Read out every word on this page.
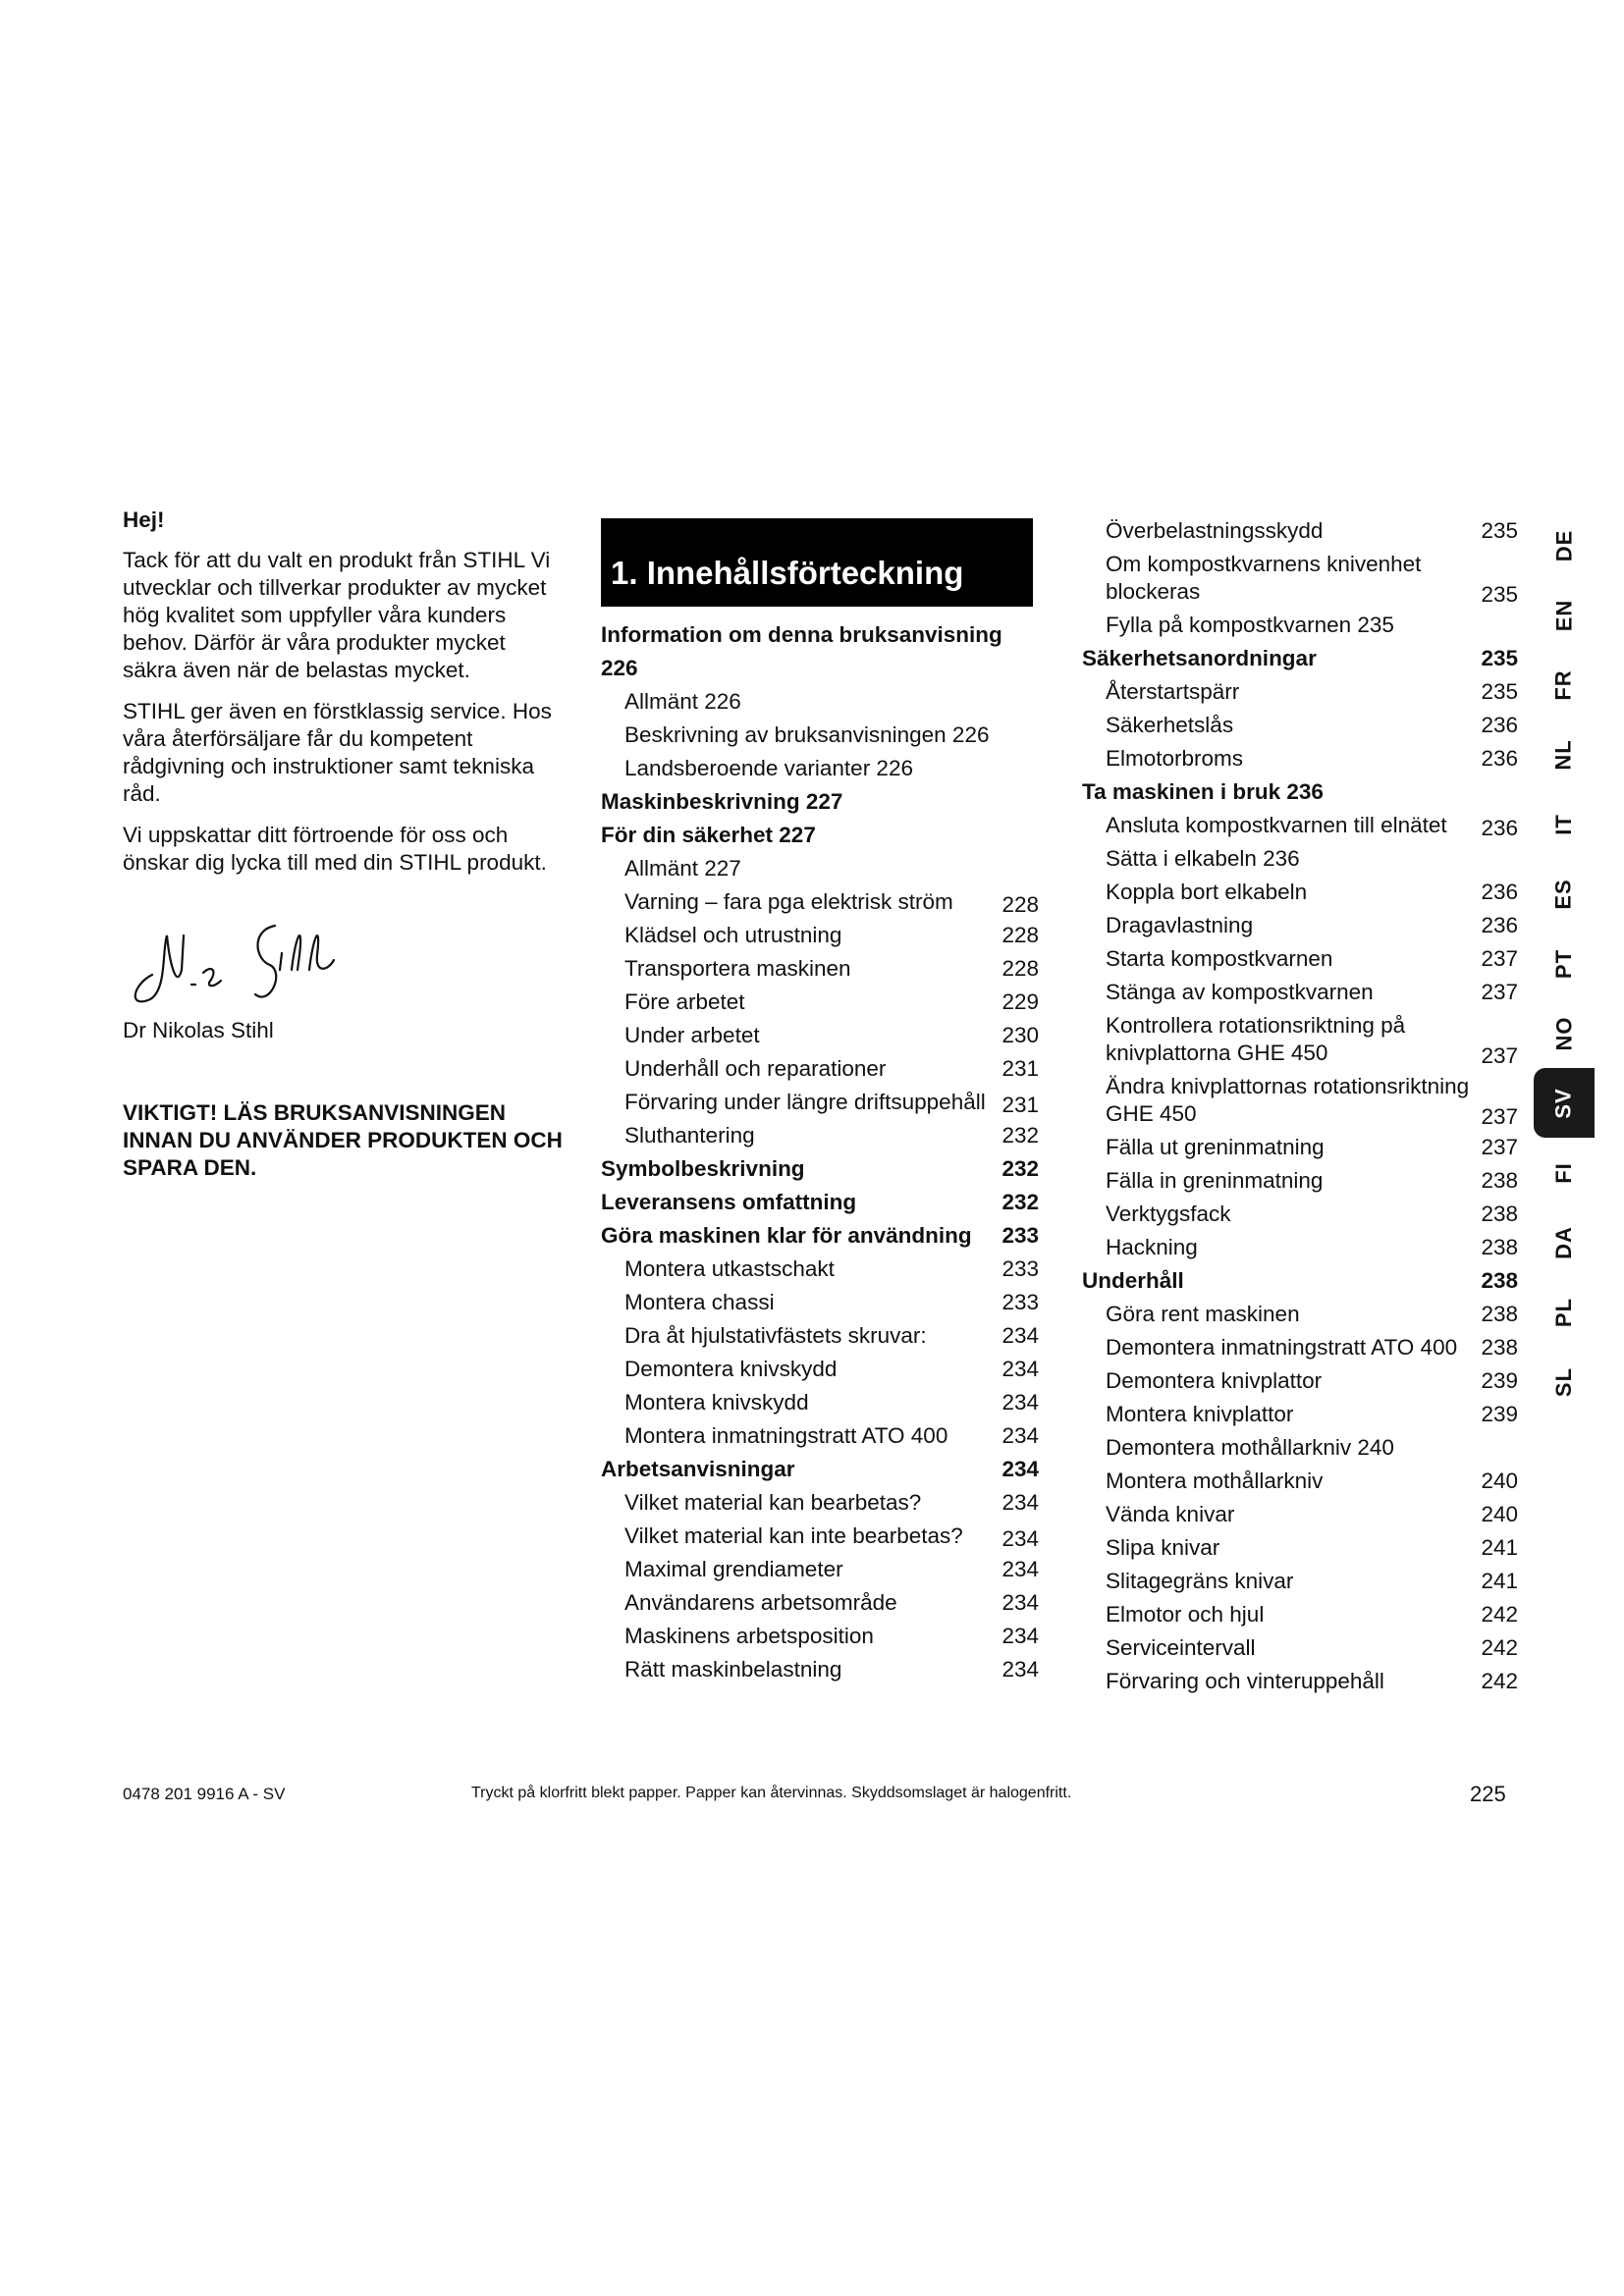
Hej!

Tack för att du valt en produkt från STIHL Vi utvecklar och tillverkar produkter av mycket hög kvalitet som uppfyller våra kunders behov. Därför är våra produkter mycket säkra även när de belastas mycket.

STIHL ger även en förstklassig service. Hos våra återförsäljare får du kompetent rådgivning och instruktioner samt tekniska råd.

Vi uppskattar ditt förtroende för oss och önskar dig lycka till med din STIHL produkt.

Dr Nikolas Stihl
VIKTIGT! LÄS BRUKSANVISNINGEN INNAN DU ANVÄNDER PRODUKTEN OCH SPARA DEN.
1. Innehållsförteckning
Information om denna bruksanvisning 226
Allmänt 226
Beskrivning av bruksanvisningen 226
Landsberoende varianter 226
Maskinbeskrivning 227
För din säkerhet 227
Allmänt 227
Varning – fara pga elektrisk ström 228
Klädsel och utrustning	228
Transportera maskinen	228
Före arbetet	229
Under arbetet	230
Underhåll och reparationer	231
Förvaring under längre driftsuppehåll 231
Sluthantering	232
Symbolbeskrivning	232
Leveransens omfattning	232
Göra maskinen klar för användning 233
Montera utkastschakt	233
Montera chassi	233
Dra åt hjulstativfästets skruvar:	234
Demontera knivskydd	234
Montera knivskydd	234
Montera inmatningstratt ATO 400 234
Arbetsanvisningar	234
Vilket material kan bearbetas?	234
Vilket material kan inte bearbetas? 234
Maximal grendiameter	234
Användarens arbetsområde	234
Maskinens arbetsposition	234
Rätt maskinbelastning	234
Överbelastningsskydd	235
Om kompostkvarnens knivenhet blockeras	235
Fylla på kompostkvarnen 235
Säkerhetsanordningar	235
Återstartspärr	235
Säkerhetslås	236
Elmotorbroms	236
Ta maskinen i bruk 236
Ansluta kompostkvarnen till elnätet 236
Sätta i elkabeln 236
Koppla bort elkabeln	236
Dragavlastning	236
Starta kompostkvarnen	237
Stänga av kompostkvarnen	237
Kontrollera rotationsriktning på knivplattorna GHE 450	237
Ändra knivplattornas rotationsriktning GHE 450	237
Fälla ut greninmatning	237
Fälla in greninmatning	238
Verktygsfack	238
Hackning	238
Underhåll	238
Göra rent maskinen	238
Demontera inmatningstratt ATO 400 238
Demontera knivplattor	239
Montera knivplattor	239
Demontera mothållarkniv 240
Montera mothållarkniv	240
Vända knivar	240
Slipa knivar	241
Slitagegräns knivar	241
Elmotor och hjul	242
Serviceintervall	242
Förvaring och vinteruppehåll	242
DE
EN
FR
NL
IT
ES
PT
NO
SV
FI
DA
PL
SL
0478 201 9916 A - SV	Tryckt på klorfritt blekt papper. Papper kan återvinnas. Skyddsomslaget är halogenfritt.	225
